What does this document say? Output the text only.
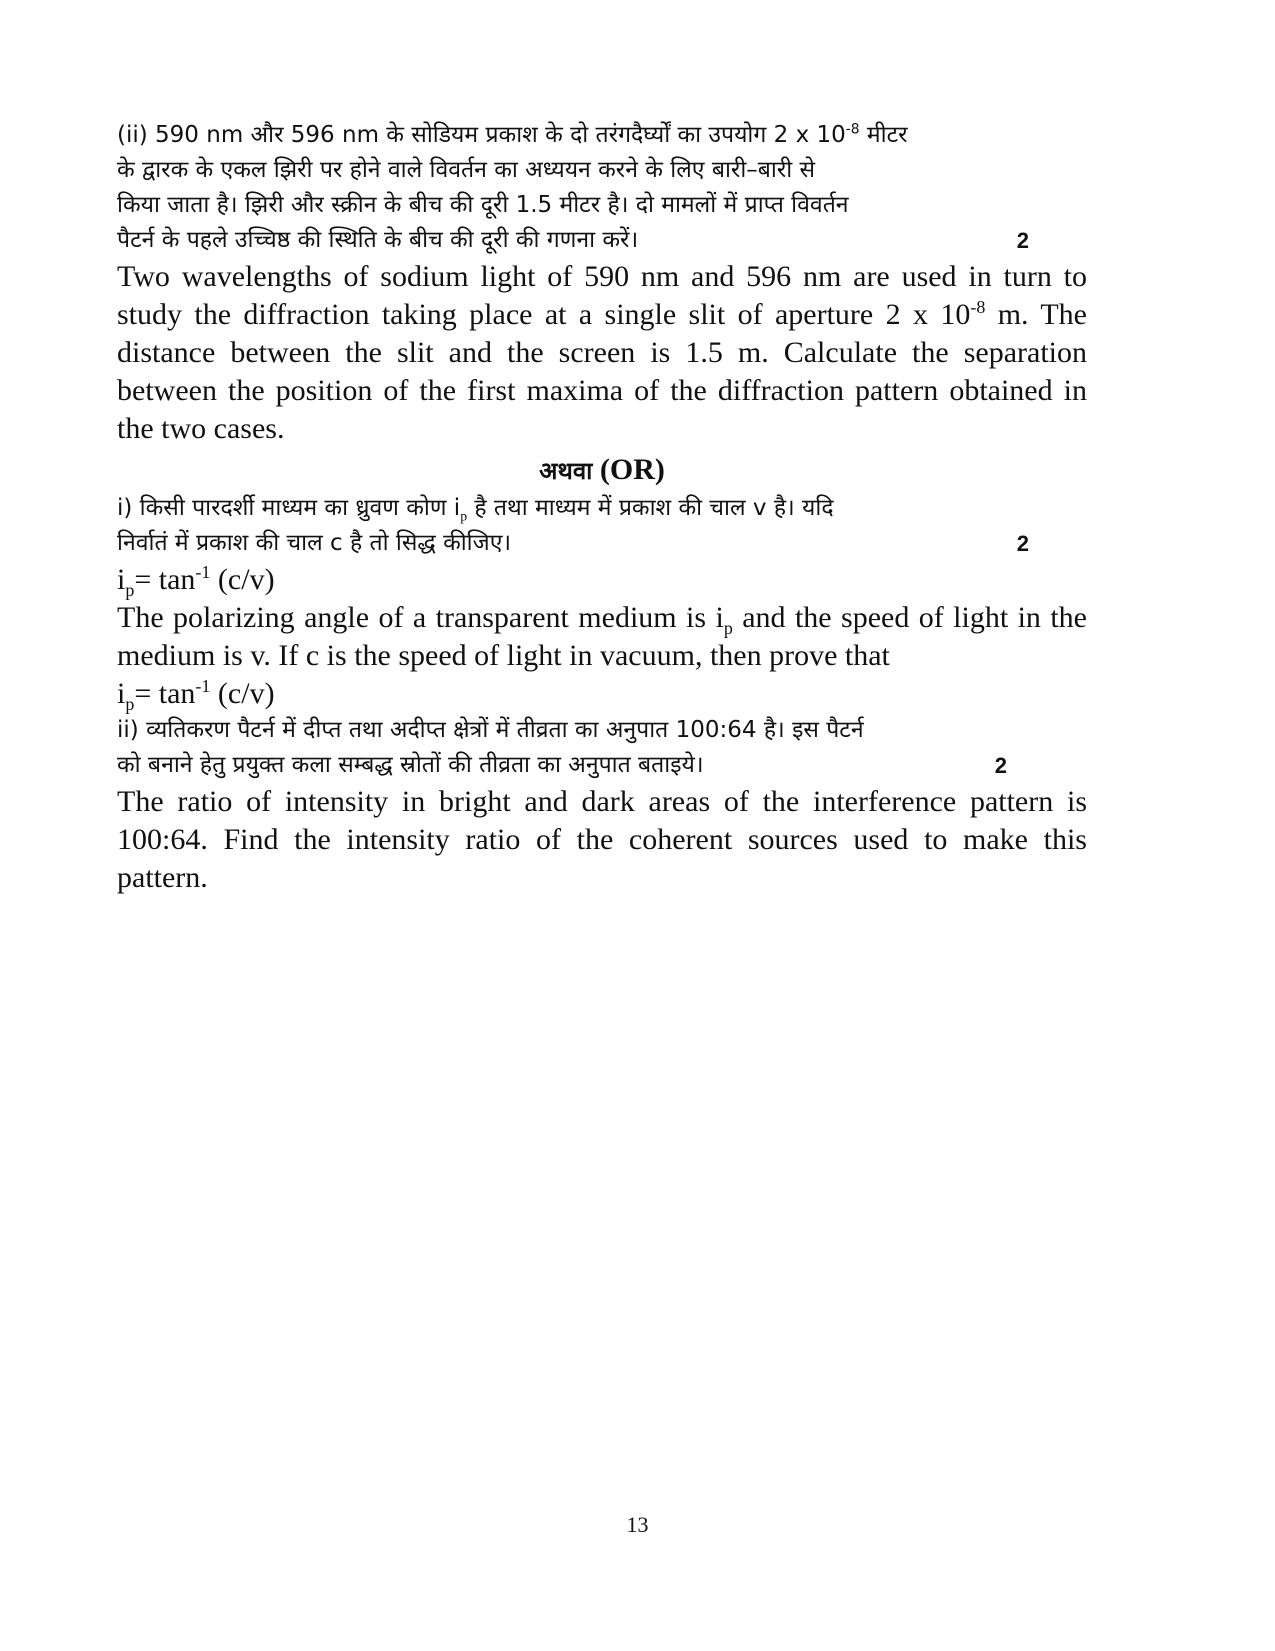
(ii) 590 nm और 596 nm के सोडियम प्रकाश के दो तरंगदैर्घ्यों का उपयोग 2 x $10^{-8}$ मीटर
के द्वारक के एकल झिरी पर होने वाले विवर्तन का अध्ययन करने के लिए बारी–बारी से
किया जाता है। झिरी और स्क्रीन के बीच की दूरी 1.5 मीटर है। दो मामलों में प्राप्त विवर्तन
2
पैटर्न के पहले उच्चिष्ठ की स्थिति के बीच की दूरी की गणना करें।
Two wavelengths of sodium light of 590 nm and 596 nm are used in turn to study the diffraction taking place at a single slit of aperture 2 x $10^{-8}$ m. The distance between the slit and the screen is 1.5 m. Calculate the separation between the position of the first maxima of the diffraction pattern obtained in the two cases.
अथवा (OR)
i) किसी पारदर्शी माध्यम का ध्रुवण कोण $i_p$ है तथा माध्यम में प्रकाश की चाल v है। यदि
2
निर्वातं में प्रकाश की चाल c है तो सिद्ध कीजिए।
$i_p= \tan^{-1} (c/v)$
The polarizing angle of a transparent medium is $i_p$ and the speed of light in the medium is v. If c is the speed of light in vacuum, then prove that
$i_p= \tan^{-1} (c/v)$
ii) व्यतिकरण पैटर्न में दीप्त तथा अदीप्त क्षेत्रों में तीव्रता का अनुपात 100:64 है। इस पैटर्न
2
को बनाने हेतु प्रयुक्त कला सम्बद्ध स्रोतों की तीव्रता का अनुपात बताइये।
The ratio of intensity in bright and dark areas of the interference pattern is 100:64. Find the intensity ratio of the coherent sources used to make this pattern.
13
